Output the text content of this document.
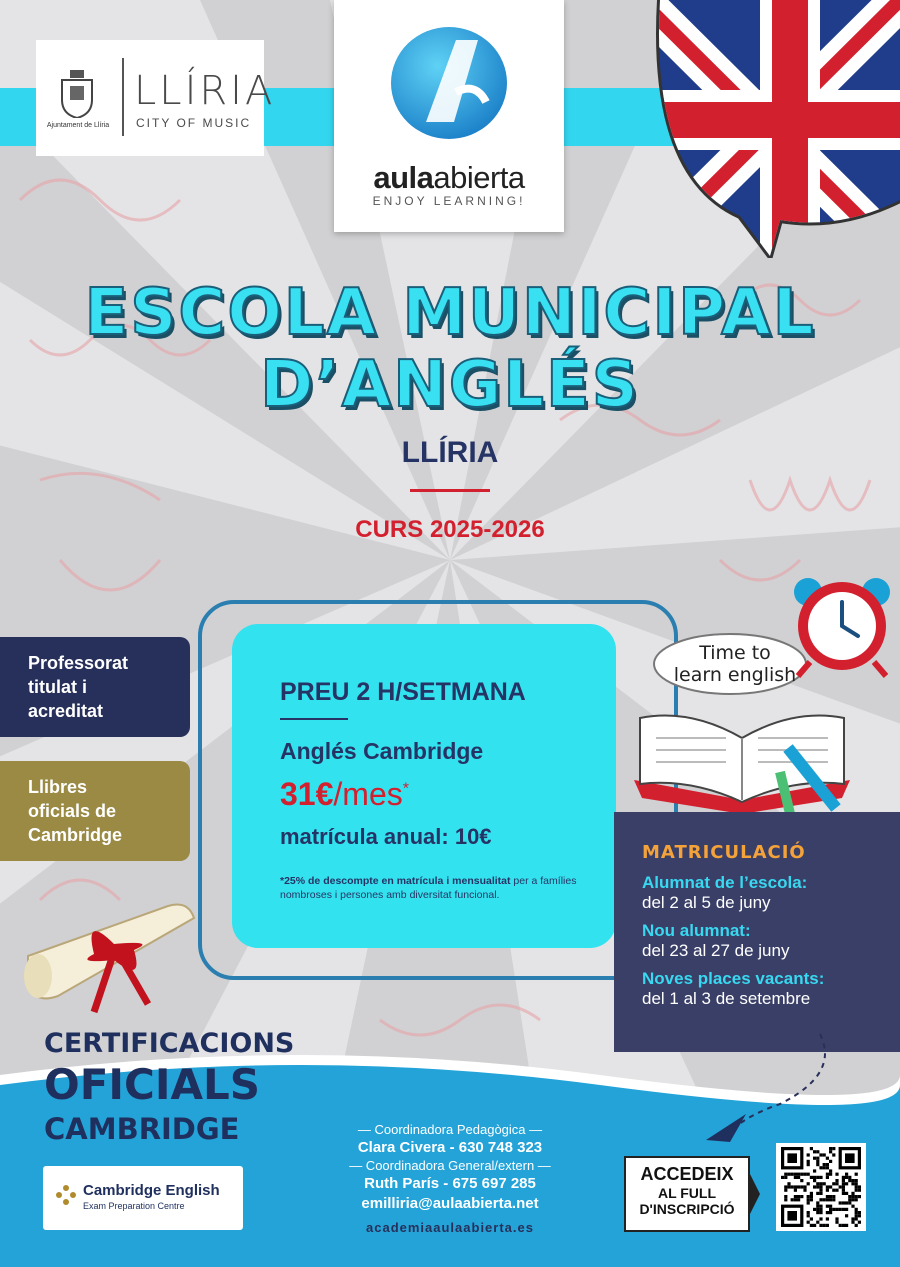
Ajuntament de Llíria
LLÍRIA
CITY OF MUSIC
aulaabierta
ENJOY LEARNING!
ESCOLA MUNICIPAL
D’ANGLÉS
LLÍRIA
CURS 2025-2026
Professorat
titulat i
acreditat
Llibres
oficials de
Cambridge
PREU 2 H/SETMANA
Anglés Cambridge
31€/mes*
matrícula anual: 10€
*25% de descompte en matrícula i mensualitat per a famílies nombroses i persones amb diversitat funcional.
Time to
learn english
MATRICULACIÓ
Alumnat de l’escola:
del 2 al 5 de juny
Nou alumnat:
del 23 al 27 de juny
Noves places vacants:
del 1 al 3 de setembre
CERTIFICACIONS
OFICIALS
CAMBRIDGE
Cambridge English
Exam Preparation Centre
— Coordinadora Pedagògica —
Clara Civera - 630 748 323
— Coordinadora General/extern —
Ruth París - 675 697 285
emilliria@aulaabierta.net
academiaaulaabierta.es
ACCEDEIX
AL FULL
D'INSCRIPCIÓ
